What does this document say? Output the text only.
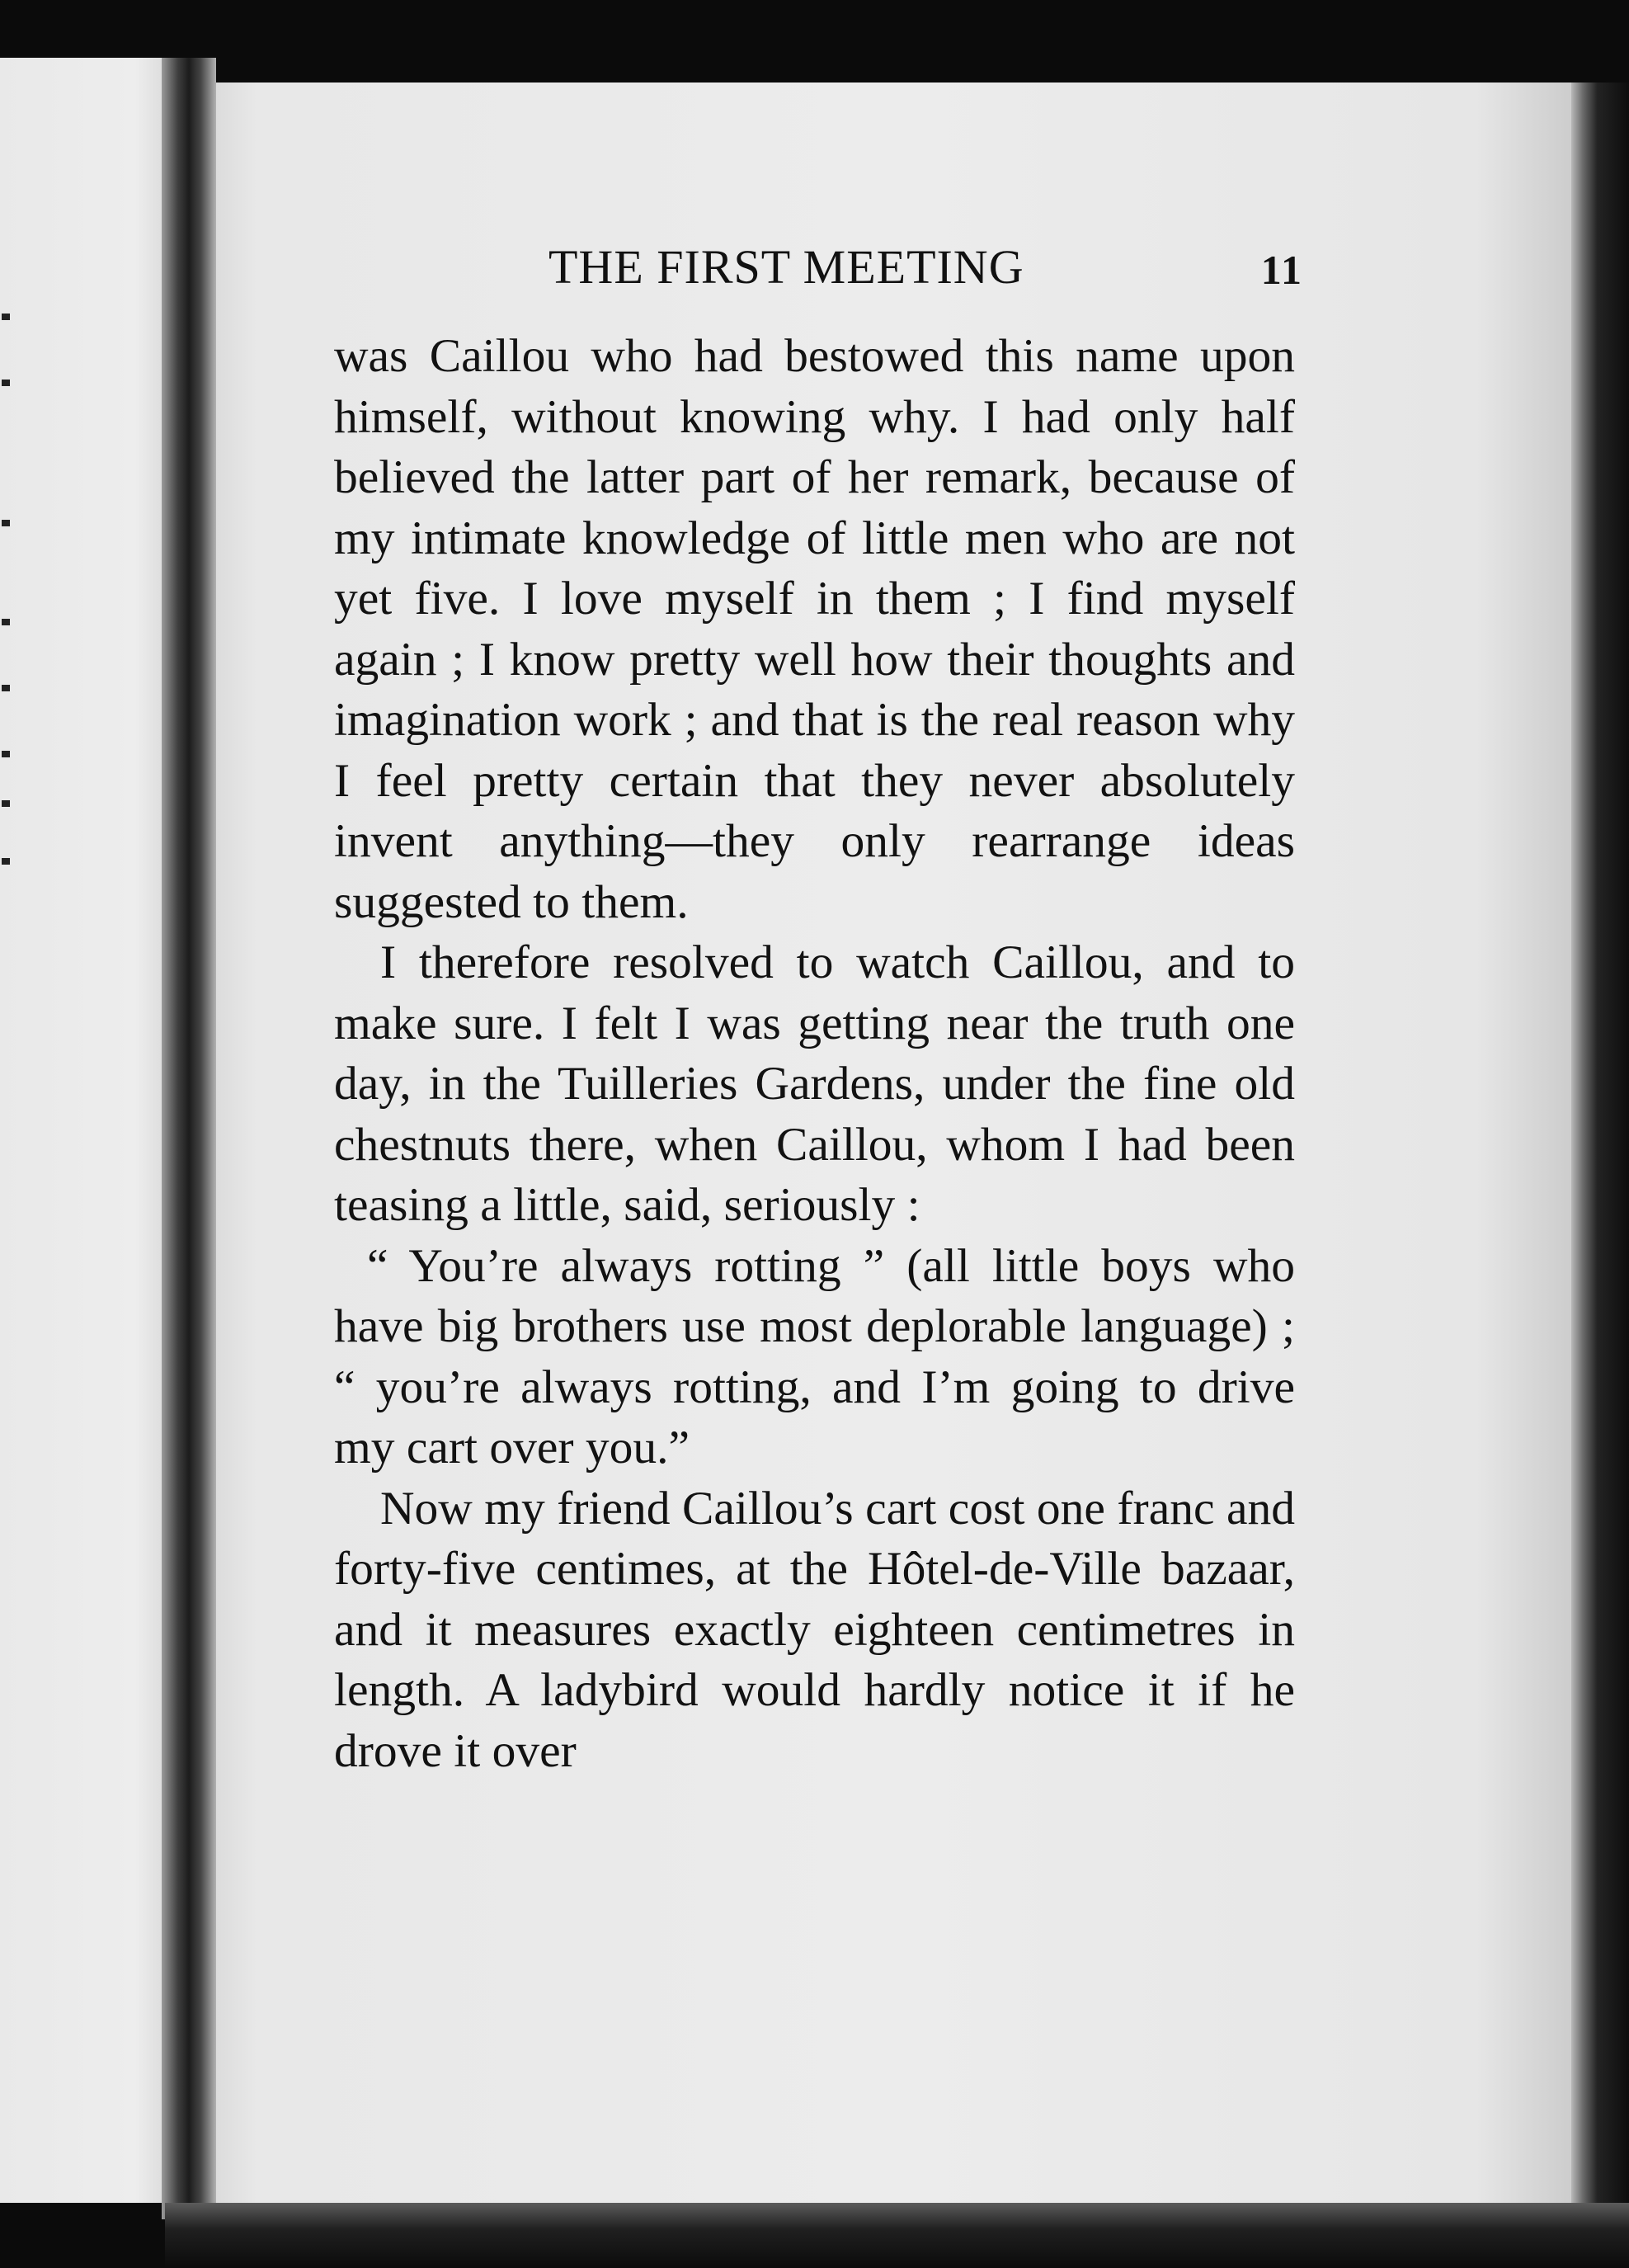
THE FIRST MEETING	11

was Caillou who had bestowed this name upon himself, without knowing why. I had only half believed the latter part of her remark, because of my intimate knowledge of little men who are not yet five. I love myself in them ; I find myself again ; I know pretty well how their thoughts and imagination work ; and that is the real reason why I feel pretty certain that they never absolutely invent anything—they only rearrange ideas suggested to them.

I therefore resolved to watch Caillou, and to make sure. I felt I was getting near the truth one day, in the Tuilleries Gardens, under the fine old chestnuts there, when Caillou, whom I had been teasing a little, said, seriously :

“ You’re always rotting ” (all little boys who have big brothers use most deplorable language) ; “ you’re always rotting, and I’m going to drive my cart over you.”

Now my friend Caillou’s cart cost one franc and forty-five centimes, at the Hôtel-de-Ville bazaar, and it measures exactly eighteen centimetres in length. A ladybird would hardly notice it if he drove it over
